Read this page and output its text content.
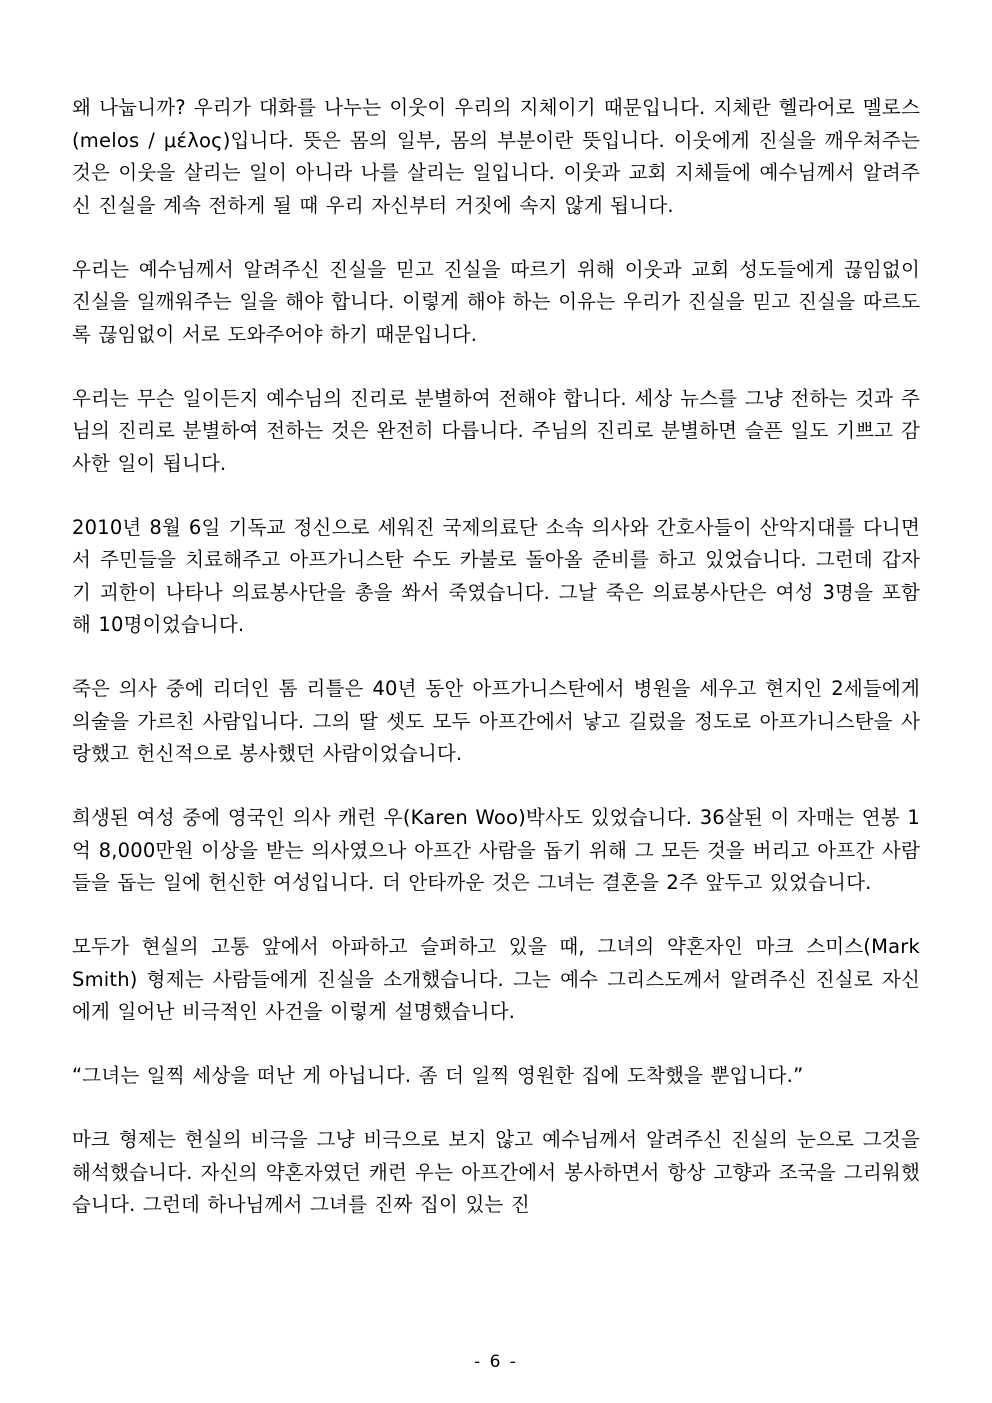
왜 나눕니까? 우리가 대화를 나누는 이웃이 우리의 지체이기 때문입니다. 지체란 헬라어로 멜로스(melos / μέλος)입니다. 뜻은 몸의 일부, 몸의 부분이란 뜻입니다. 이웃에게 진실을 깨우쳐주는 것은 이웃을 살리는 일이 아니라 나를 살리는 일입니다. 이웃과 교회 지체들에 예수님께서 알려주신 진실을 계속 전하게 될 때 우리 자신부터 거짓에 속지 않게 됩니다.

우리는 예수님께서 알려주신 진실을 믿고 진실을 따르기 위해 이웃과 교회 성도들에게 끊임없이 진실을 일깨워주는 일을 해야 합니다. 이렇게 해야 하는 이유는 우리가 진실을 믿고 진실을 따르도록 끊임없이 서로 도와주어야 하기 때문입니다.

우리는 무슨 일이든지 예수님의 진리로 분별하여 전해야 합니다. 세상 뉴스를 그냥 전하는 것과 주님의 진리로 분별하여 전하는 것은 완전히 다릅니다. 주님의 진리로 분별하면 슬픈 일도 기쁘고 감사한 일이 됩니다.

2010년 8월 6일 기독교 정신으로 세워진 국제의료단 소속 의사와 간호사들이 산악지대를 다니면서 주민들을 치료해주고 아프가니스탄 수도 카불로 돌아올 준비를 하고 있었습니다. 그런데 갑자기 괴한이 나타나 의료봉사단을 총을 쏴서 죽였습니다. 그날 죽은 의료봉사단은 여성 3명을 포함해 10명이었습니다.

죽은 의사 중에 리더인 톰 리틀은 40년 동안 아프가니스탄에서 병원을 세우고 현지인 2세들에게 의술을 가르친 사람입니다. 그의 딸 셋도 모두 아프간에서 낳고 길렀을 정도로 아프가니스탄을 사랑했고 헌신적으로 봉사했던 사람이었습니다.

희생된 여성 중에 영국인 의사 캐런 우(Karen Woo)박사도 있었습니다. 36살된 이 자매는 연봉 1억 8,000만원 이상을 받는 의사였으나 아프간 사람을 돕기 위해 그 모든 것을 버리고 아프간 사람들을 돕는 일에 헌신한 여성입니다. 더 안타까운 것은 그녀는 결혼을 2주 앞두고 있었습니다.

모두가 현실의 고통 앞에서 아파하고 슬퍼하고 있을 때, 그녀의 약혼자인 마크 스미스(Mark Smith) 형제는 사람들에게 진실을 소개했습니다. 그는 예수 그리스도께서 알려주신 진실로 자신에게 일어난 비극적인 사건을 이렇게 설명했습니다.

“그녀는 일찍 세상을 떠난 게 아닙니다. 좀 더 일찍 영원한 집에 도착했을 뿐입니다.”

마크 형제는 현실의 비극을 그냥 비극으로 보지 않고 예수님께서 알려주신 진실의 눈으로 그것을 해석했습니다. 자신의 약혼자였던 캐런 우는 아프간에서 봉사하면서 항상 고향과 조국을 그리워했습니다. 그런데 하나님께서 그녀를 진짜 집이 있는 진

- 6 -
